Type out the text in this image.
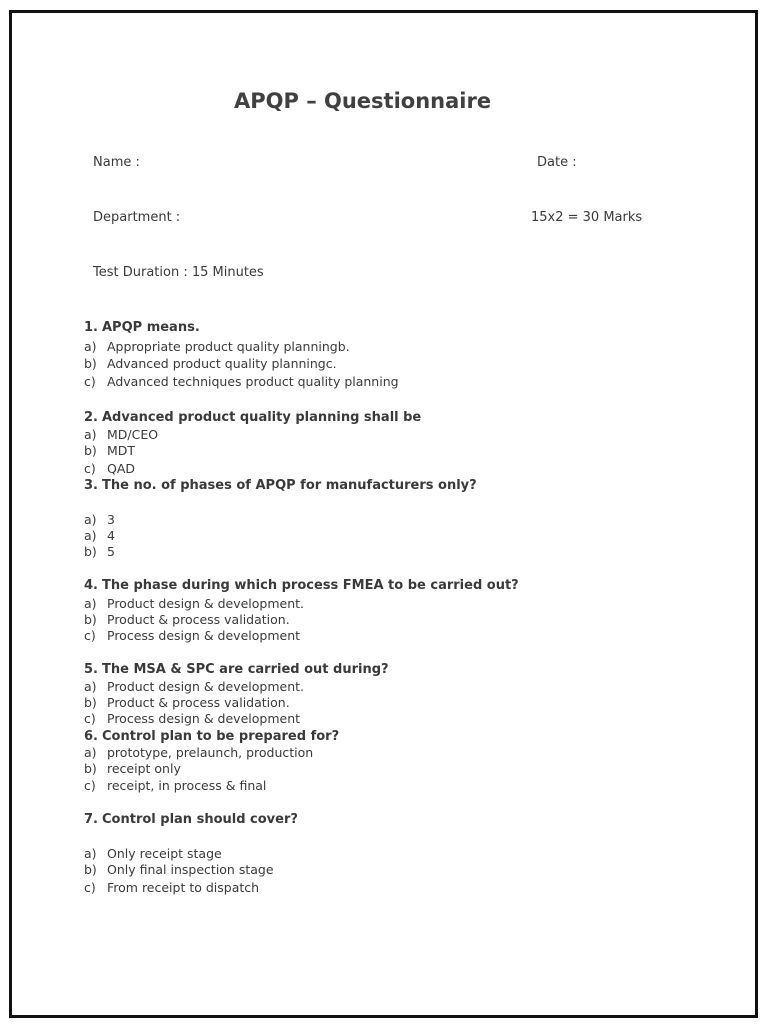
APQP – Questionnaire
Name :	Date :
Department :	15x2 = 30 Marks
Test Duration : 15 Minutes
1. APQP means.
a) Appropriate product quality planningb.
b) Advanced product quality planningc.
c) Advanced techniques product quality planning
2. Advanced product quality planning shall be
a) MD/CEO
b) MDT
c) QAD
3. The no. of phases of APQP for manufacturers only?
a) 3
a) 4
b) 5
4. The phase during which process FMEA to be carried out?
a) Product design & development.
b) Product & process validation.
c) Process design & development
5. The MSA & SPC are carried out during?
a) Product design & development.
b) Product & process validation.
c) Process design & development
6. Control plan to be prepared for?
a) prototype, prelaunch, production
b) receipt only
c) receipt, in process & final
7. Control plan should cover?
a) Only receipt stage
b) Only final inspection stage
c) From receipt to dispatch
